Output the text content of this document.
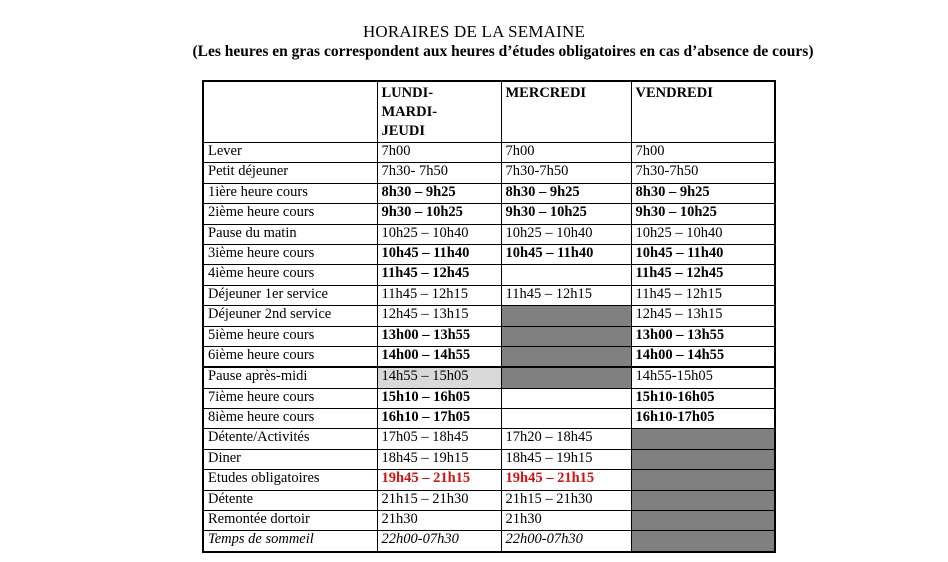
HORAIRES DE LA SEMAINE
(Les heures en gras correspondent aux heures d’études obligatoires en cas d’absence de cours)

	LUNDI-
MARDI-
JEUDI	MERCREDI	VENDREDI
Lever	7h00	7h00	7h00
Petit déjeuner	7h30- 7h50	7h30-7h50	7h30-7h50
1ière heure cours	8h30 – 9h25	8h30 – 9h25	8h30 – 9h25
2ième heure cours	9h30 – 10h25	9h30 – 10h25	9h30 – 10h25
Pause du matin	10h25 – 10h40	10h25 – 10h40	10h25 – 10h40
3ième heure cours	10h45 – 11h40	10h45 – 11h40	10h45 – 11h40
4ième heure cours	11h45 – 12h45		11h45 – 12h45
Déjeuner 1er service	11h45 – 12h15	11h45 – 12h15	11h45 – 12h15
Déjeuner 2nd service	12h45 – 13h15		12h45 – 13h15
5ième heure cours	13h00 – 13h55		13h00 – 13h55
6ième heure cours	14h00 – 14h55		14h00 – 14h55
Pause après-midi	14h55 – 15h05		14h55-15h05
7ième heure cours	15h10 – 16h05		15h10-16h05
8ième heure cours	16h10 – 17h05		16h10-17h05
Détente/Activités	17h05 – 18h45	17h20 – 18h45	
Diner	18h45 – 19h15	18h45 – 19h15	
Etudes obligatoires	19h45 – 21h15	19h45 – 21h15	
Détente	21h15 – 21h30	21h15 – 21h30	
Remontée dortoir	21h30	21h30	
Temps de sommeil	22h00-07h30	22h00-07h30	
